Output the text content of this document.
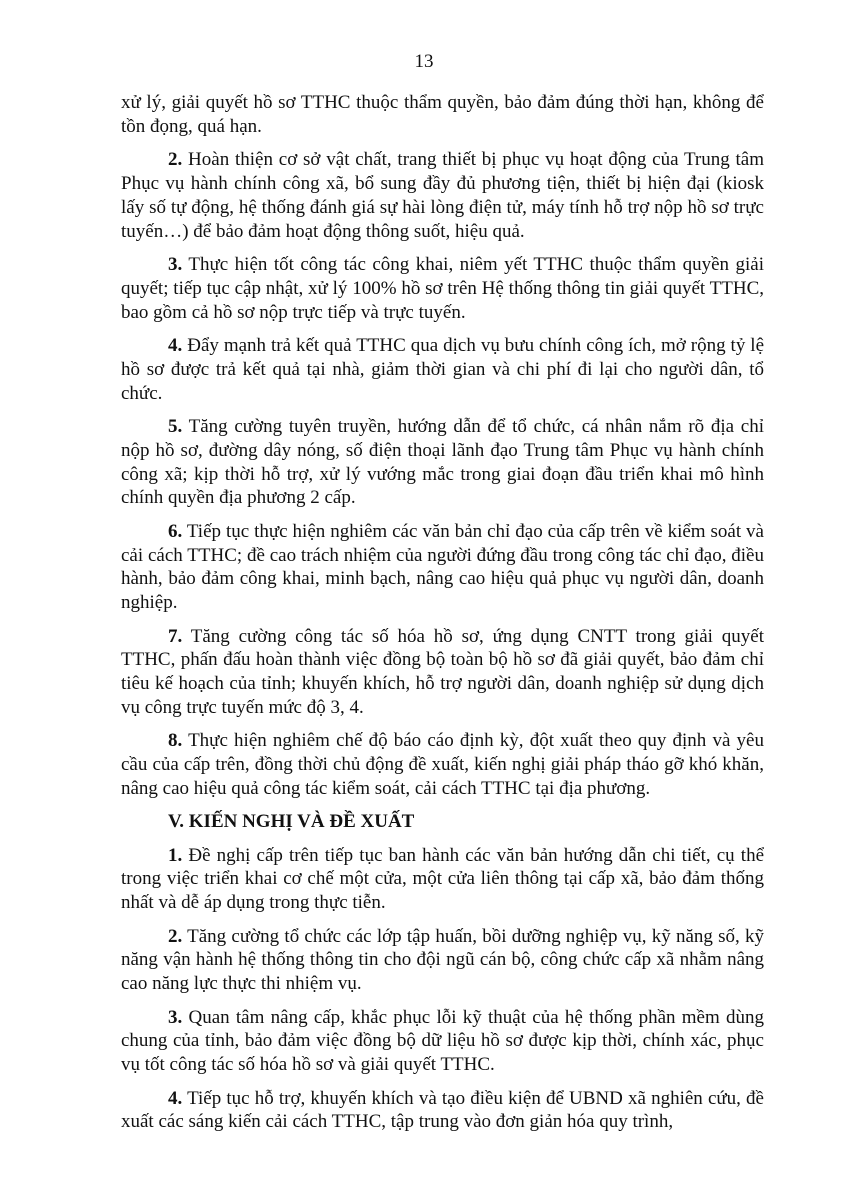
13

xử lý, giải quyết hồ sơ TTHC thuộc thẩm quyền, bảo đảm đúng thời hạn, không để tồn đọng, quá hạn.

2. Hoàn thiện cơ sở vật chất, trang thiết bị phục vụ hoạt động của Trung tâm Phục vụ hành chính công xã, bổ sung đầy đủ phương tiện, thiết bị hiện đại (kiosk lấy số tự động, hệ thống đánh giá sự hài lòng điện tử, máy tính hỗ trợ nộp hồ sơ trực tuyến…) để bảo đảm hoạt động thông suốt, hiệu quả.

3. Thực hiện tốt công tác công khai, niêm yết TTHC thuộc thẩm quyền giải quyết; tiếp tục cập nhật, xử lý 100% hồ sơ trên Hệ thống thông tin giải quyết TTHC, bao gồm cả hồ sơ nộp trực tiếp và trực tuyến.

4. Đẩy mạnh trả kết quả TTHC qua dịch vụ bưu chính công ích, mở rộng tỷ lệ hồ sơ được trả kết quả tại nhà, giảm thời gian và chi phí đi lại cho người dân, tổ chức.

5. Tăng cường tuyên truyền, hướng dẫn để tổ chức, cá nhân nắm rõ địa chỉ nộp hồ sơ, đường dây nóng, số điện thoại lãnh đạo Trung tâm Phục vụ hành chính công xã; kịp thời hỗ trợ, xử lý vướng mắc trong giai đoạn đầu triển khai mô hình chính quyền địa phương 2 cấp.

6. Tiếp tục thực hiện nghiêm các văn bản chỉ đạo của cấp trên về kiểm soát và cải cách TTHC; đề cao trách nhiệm của người đứng đầu trong công tác chỉ đạo, điều hành, bảo đảm công khai, minh bạch, nâng cao hiệu quả phục vụ người dân, doanh nghiệp.

7. Tăng cường công tác số hóa hồ sơ, ứng dụng CNTT trong giải quyết TTHC, phấn đấu hoàn thành việc đồng bộ toàn bộ hồ sơ đã giải quyết, bảo đảm chỉ tiêu kế hoạch của tỉnh; khuyến khích, hỗ trợ người dân, doanh nghiệp sử dụng dịch vụ công trực tuyến mức độ 3, 4.

8. Thực hiện nghiêm chế độ báo cáo định kỳ, đột xuất theo quy định và yêu cầu của cấp trên, đồng thời chủ động đề xuất, kiến nghị giải pháp tháo gỡ khó khăn, nâng cao hiệu quả công tác kiểm soát, cải cách TTHC tại địa phương.

V. KIẾN NGHỊ VÀ ĐỀ XUẤT

1. Đề nghị cấp trên tiếp tục ban hành các văn bản hướng dẫn chi tiết, cụ thể trong việc triển khai cơ chế một cửa, một cửa liên thông tại cấp xã, bảo đảm thống nhất và dễ áp dụng trong thực tiễn.

2. Tăng cường tổ chức các lớp tập huấn, bồi dưỡng nghiệp vụ, kỹ năng số, kỹ năng vận hành hệ thống thông tin cho đội ngũ cán bộ, công chức cấp xã nhằm nâng cao năng lực thực thi nhiệm vụ.

3. Quan tâm nâng cấp, khắc phục lỗi kỹ thuật của hệ thống phần mềm dùng chung của tỉnh, bảo đảm việc đồng bộ dữ liệu hồ sơ được kịp thời, chính xác, phục vụ tốt công tác số hóa hồ sơ và giải quyết TTHC.

4. Tiếp tục hỗ trợ, khuyến khích và tạo điều kiện để UBND xã nghiên cứu, đề xuất các sáng kiến cải cách TTHC, tập trung vào đơn giản hóa quy trình,
